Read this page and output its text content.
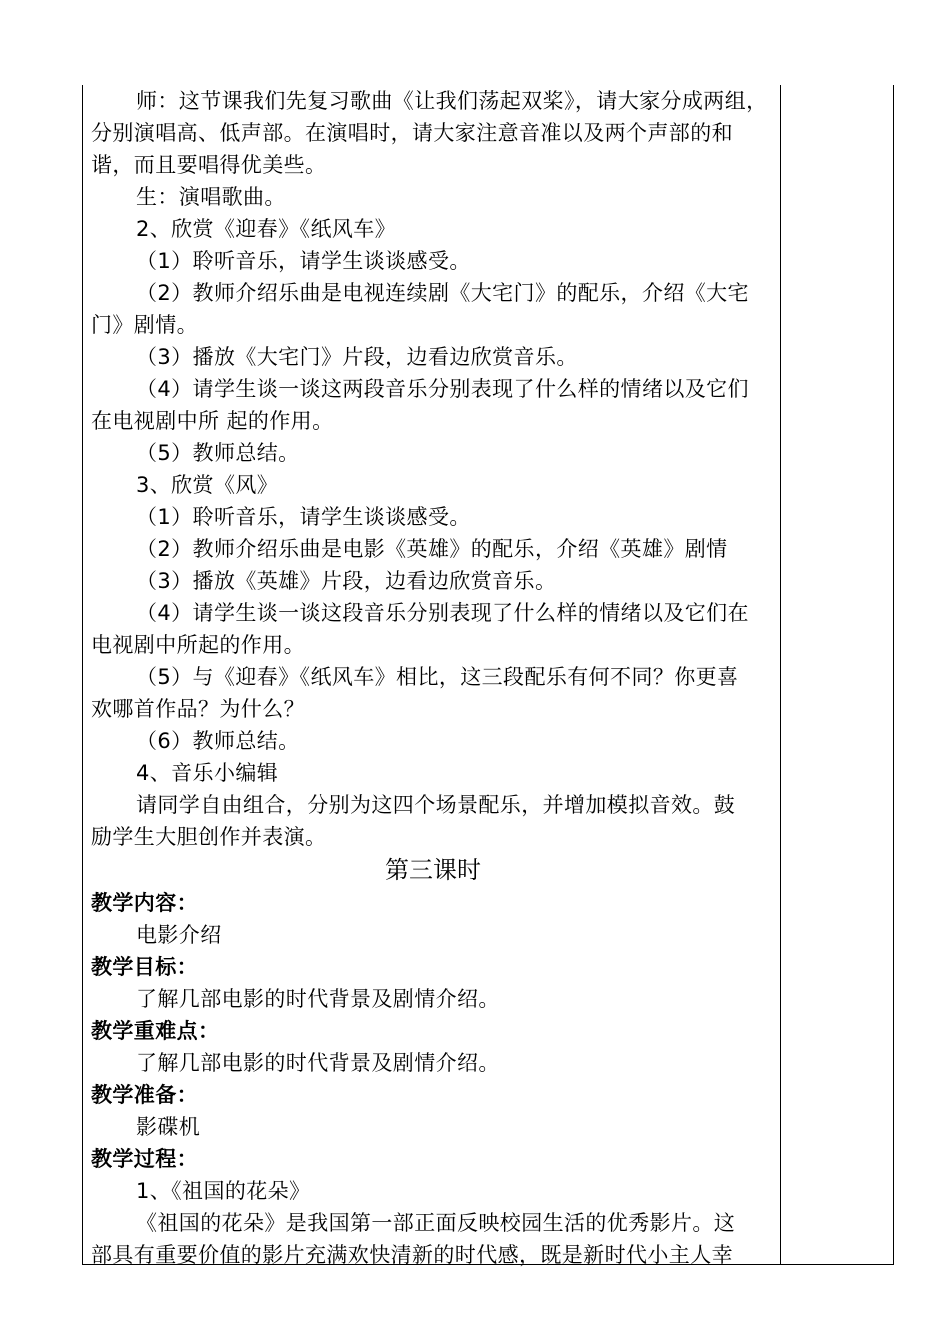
师：这节课我们先复习歌曲《让我们荡起双桨》，请大家分成两组，
分别演唱高、低声部。在演唱时，请大家注意音准以及两个声部的和
谐，而且要唱得优美些。
生：演唱歌曲。
2、欣赏《迎春》《纸风车》
（1）聆听音乐，请学生谈谈感受。
（2）教师介绍乐曲是电视连续剧《大宅门》的配乐，介绍《大宅
门》剧情。
（3）播放《大宅门》片段，边看边欣赏音乐。
（4）请学生谈一谈这两段音乐分别表现了什么样的情绪以及它们
在电视剧中所 起的作用。
（5）教师总结。
3、欣赏《风》
（1）聆听音乐，请学生谈谈感受。
（2）教师介绍乐曲是电影《英雄》的配乐，介绍《英雄》剧情
（3）播放《英雄》片段，边看边欣赏音乐。
（4）请学生谈一谈这段音乐分别表现了什么样的情绪以及它们在
电视剧中所起的作用。
（5）与《迎春》《纸风车》相比，这三段配乐有何不同？你更喜
欢哪首作品？为什么？
（6）教师总结。
4、音乐小编辑
请同学自由组合，分别为这四个场景配乐，并增加模拟音效。鼓
励学生大胆创作并表演。
第三课时
教学内容：
电影介绍
教学目标：
了解几部电影的时代背景及剧情介绍。
教学重难点：
了解几部电影的时代背景及剧情介绍。
教学准备：
影碟机
教学过程：
1、《祖国的花朵》
《祖国的花朵》是我国第一部正面反映校园生活的优秀影片。这
部具有重要价值的影片充满欢快清新的时代感，既是新时代小主人幸
